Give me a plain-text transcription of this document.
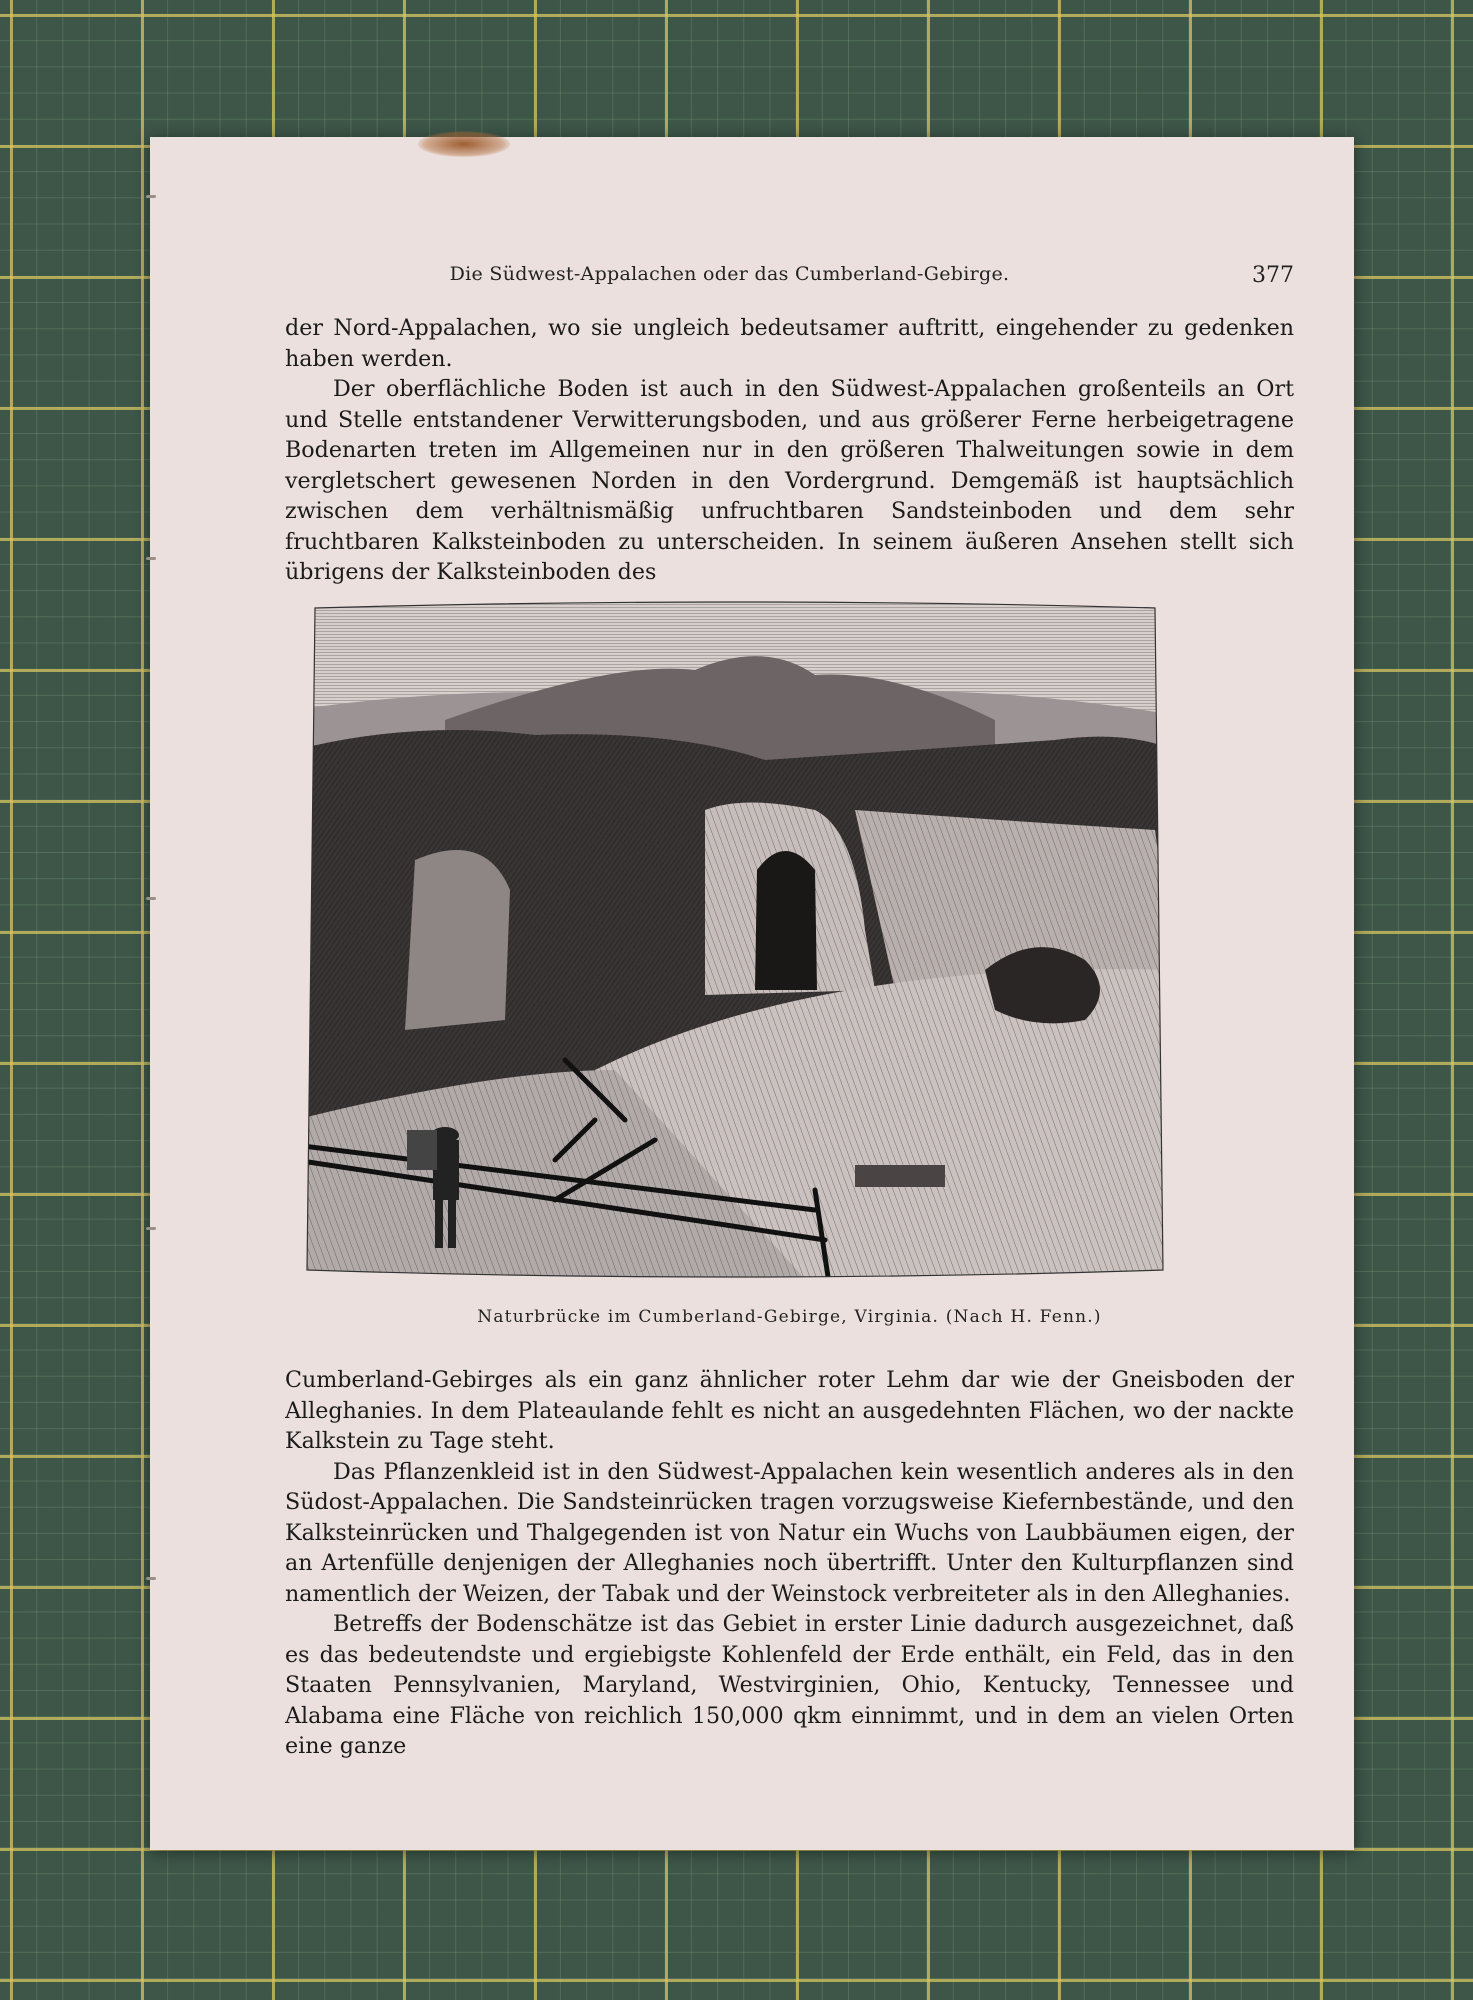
Die Südwest-Appalachen oder das Cumberland-Gebirge.	377

der Nord-Appalachen, wo sie ungleich bedeutsamer auftritt, eingehender zu gedenken haben werden.

Der oberflächliche Boden ist auch in den Südwest-Appalachen großenteils an Ort und Stelle entstandener Verwitterungsboden, und aus größerer Ferne herbeigetragene Bodenarten treten im Allgemeinen nur in den größeren Thalweitungen sowie in dem vergletschert gewesenen Norden in den Vordergrund. Demgemäß ist hauptsächlich zwischen dem verhältnismäßig unfruchtbaren Sandsteinboden und dem sehr fruchtbaren Kalksteinboden zu unterscheiden. In seinem äußeren Ansehen stellt sich übrigens der Kalksteinboden des

Naturbrücke im Cumberland-Gebirge, Virginia. (Nach H. Fenn.)

Cumberland-Gebirges als ein ganz ähnlicher roter Lehm dar wie der Gneisboden der Alleghanies. In dem Plateaulande fehlt es nicht an ausgedehnten Flächen, wo der nackte Kalkstein zu Tage steht.

Das Pflanzenkleid ist in den Südwest-Appalachen kein wesentlich anderes als in den Südost-Appalachen. Die Sandsteinrücken tragen vorzugsweise Kiefernbestände, und den Kalksteinrücken und Thalgegenden ist von Natur ein Wuchs von Laubbäumen eigen, der an Artenfülle denjenigen der Alleghanies noch übertrifft. Unter den Kulturpflanzen sind namentlich der Weizen, der Tabak und der Weinstock verbreiteter als in den Alleghanies.

Betreffs der Bodenschätze ist das Gebiet in erster Linie dadurch ausgezeichnet, daß es das bedeutendste und ergiebigste Kohlenfeld der Erde enthält, ein Feld, das in den Staaten Pennsylvanien, Maryland, Westvirginien, Ohio, Kentucky, Tennessee und Alabama eine Fläche von reichlich 150,000 qkm einnimmt, und in dem an vielen Orten eine ganze
